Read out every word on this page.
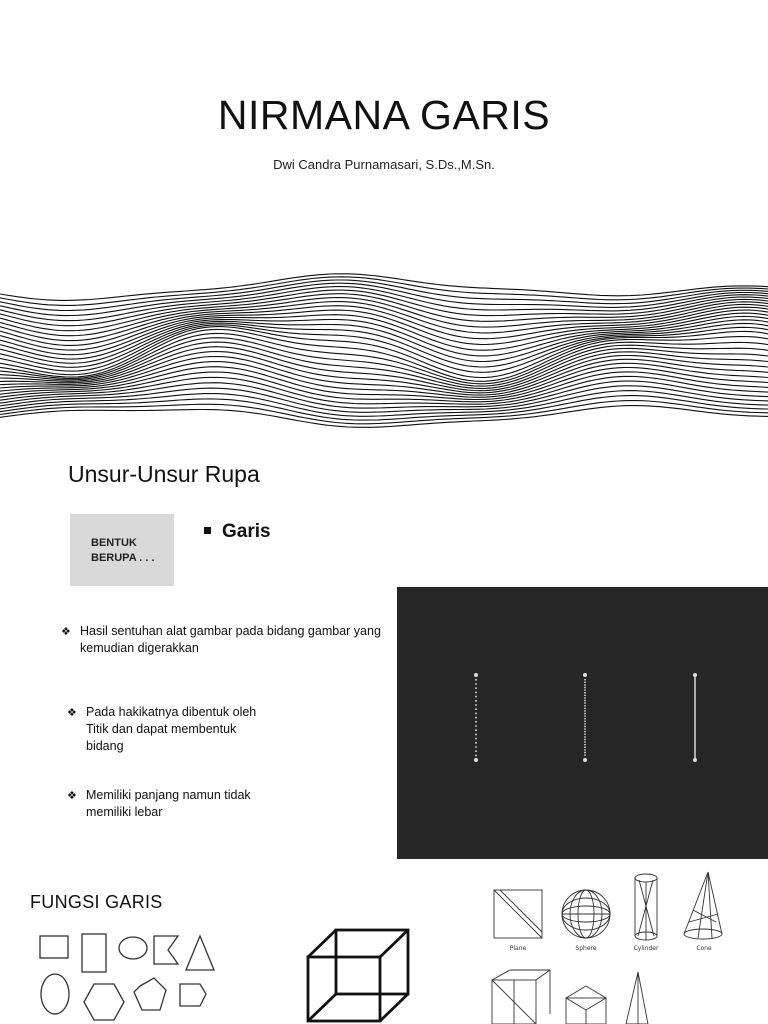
NIRMANA GARIS
Dwi Candra Purnamasari, S.Ds.,M.Sn.
Unsur-Unsur Rupa
BENTUK BERUPA . . .
Garis
❖ Hasil sentuhan alat gambar pada bidang gambar yang kemudian digerakkan
❖ Pada hakikatnya dibentuk oleh Titik dan dapat membentuk bidang
❖ Memiliki panjang namun tidak memiliki lebar
FUNGSI GARIS
Plane	Sphere	Cylinder	Cone
